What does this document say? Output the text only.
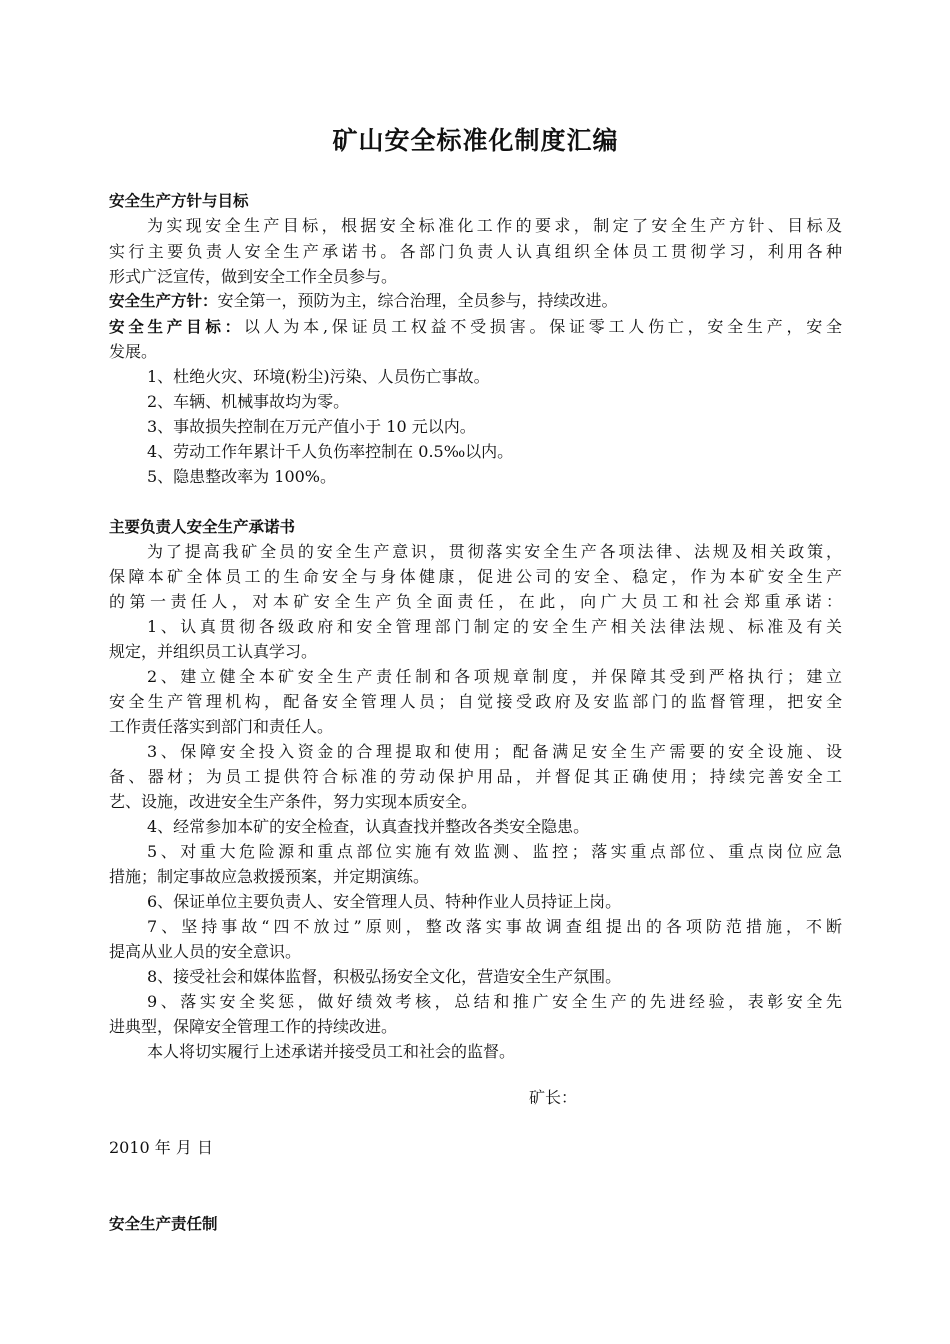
矿山安全标准化制度汇编
安全生产方针与目标
为实现安全生产目标，根据安全标准化工作的要求，制定了安全生产方针、目标及
实行主要负责人安全生产承诺书。各部门负责人认真组织全体员工贯彻学习，利用各种
形式广泛宣传，做到安全工作全员参与。
安全生产方针：安全第一，预防为主，综合治理，全员参与，持续改进。
安全生产目标：以人为本,保证员工权益不受损害。保证零工人伤亡，安全生产，安全
发展。
1、杜绝火灾、环境(粉尘)污染、人员伤亡事故。
2、车辆、机械事故均为零。
3、事故损失控制在万元产值小于 10 元以内。
4、劳动工作年累计千人负伤率控制在 0.5‰以内。
5、隐患整改率为 100%。
主要负责人安全生产承诺书
为了提高我矿全员的安全生产意识，贯彻落实安全生产各项法律、法规及相关政策，
保障本矿全体员工的生命安全与身体健康，促进公司的安全、稳定，作为本矿安全生产
的第一责任人，对本矿安全生产负全面责任，在此，向广大员工和社会郑重承诺：
1、认真贯彻各级政府和安全管理部门制定的安全生产相关法律法规、标准及有关
规定，并组织员工认真学习。
2、建立健全本矿安全生产责任制和各项规章制度，并保障其受到严格执行；建立
安全生产管理机构，配备安全管理人员；自觉接受政府及安监部门的监督管理，把安全
工作责任落实到部门和责任人。
3、保障安全投入资金的合理提取和使用；配备满足安全生产需要的安全设施、设
备、器材；为员工提供符合标准的劳动保护用品，并督促其正确使用；持续完善安全工
艺、设施，改进安全生产条件，努力实现本质安全。
4、经常参加本矿的安全检查，认真查找并整改各类安全隐患。
5、对重大危险源和重点部位实施有效监测、监控；落实重点部位、重点岗位应急
措施；制定事故应急救援预案，并定期演练。
6、保证单位主要负责人、安全管理人员、特种作业人员持证上岗。
7、坚持事故“四不放过”原则，整改落实事故调查组提出的各项防范措施，不断
提高从业人员的安全意识。
8、接受社会和媒体监督，积极弘扬安全文化，营造安全生产氛围。
9、落实安全奖惩，做好绩效考核，总结和推广安全生产的先进经验，表彰安全先
进典型，保障安全管理工作的持续改进。
本人将切实履行上述承诺并接受员工和社会的监督。
矿长：
2010 年 月 日
安全生产责任制
